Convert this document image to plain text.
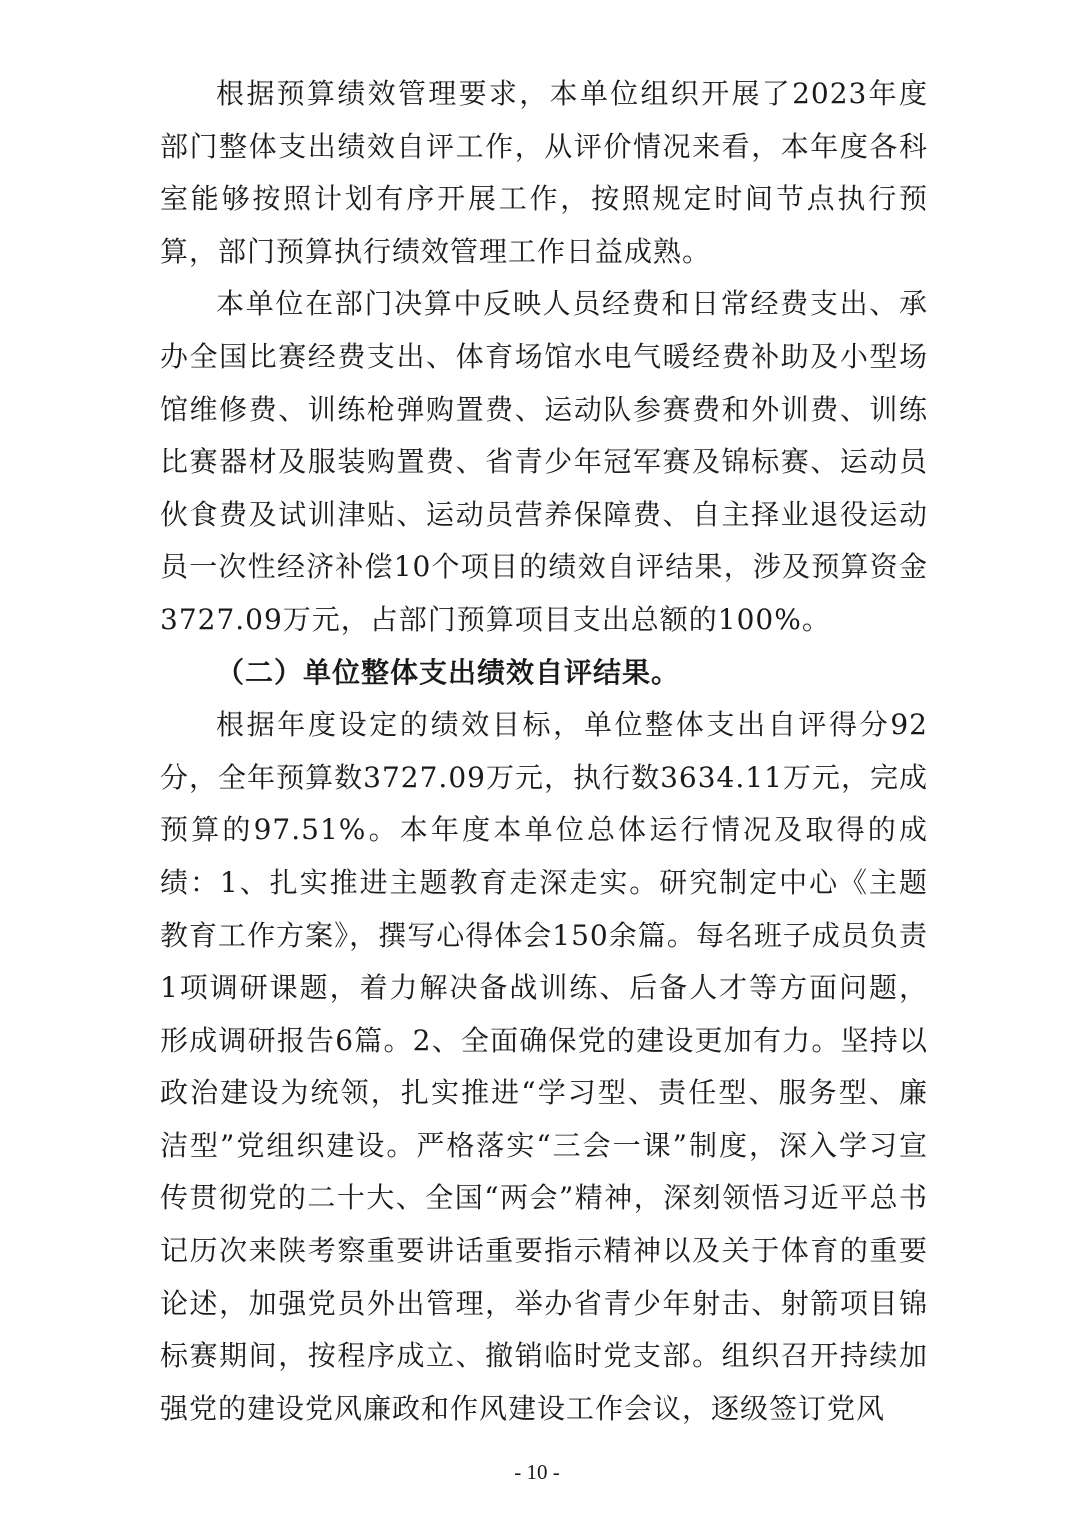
根据预算绩效管理要求，本单位组织开展了2023年度部门整体支出绩效自评工作，从评价情况来看，本年度各科室能够按照计划有序开展工作，按照规定时间节点执行预算，部门预算执行绩效管理工作日益成熟。

本单位在部门决算中反映人员经费和日常经费支出、承办全国比赛经费支出、体育场馆水电气暖经费补助及小型场馆维修费、训练枪弹购置费、运动队参赛费和外训费、训练比赛器材及服装购置费、省青少年冠军赛及锦标赛、运动员伙食费及试训津贴、运动员营养保障费、自主择业退役运动员一次性经济补偿10个项目的绩效自评结果，涉及预算资金3727.09万元，占部门预算项目支出总额的100%。

（二）单位整体支出绩效自评结果。

根据年度设定的绩效目标，单位整体支出自评得分92分，全年预算数3727.09万元，执行数3634.11万元，完成预算的97.51%。本年度本单位总体运行情况及取得的成绩：1、扎实推进主题教育走深走实。研究制定中心《主题教育工作方案》，撰写心得体会150余篇。每名班子成员负责1项调研课题，着力解决备战训练、后备人才等方面问题，形成调研报告6篇。2、全面确保党的建设更加有力。坚持以政治建设为统领，扎实推进“学习型、责任型、服务型、廉洁型”党组织建设。严格落实“三会一课”制度，深入学习宣传贯彻党的二十大、全国“两会”精神，深刻领悟习近平总书记历次来陕考察重要讲话重要指示精神以及关于体育的重要论述，加强党员外出管理，举办省青少年射击、射箭项目锦标赛期间，按程序成立、撤销临时党支部。组织召开持续加强党的建设党风廉政和作风建设工作会议，逐级签订党风

- 10 -
